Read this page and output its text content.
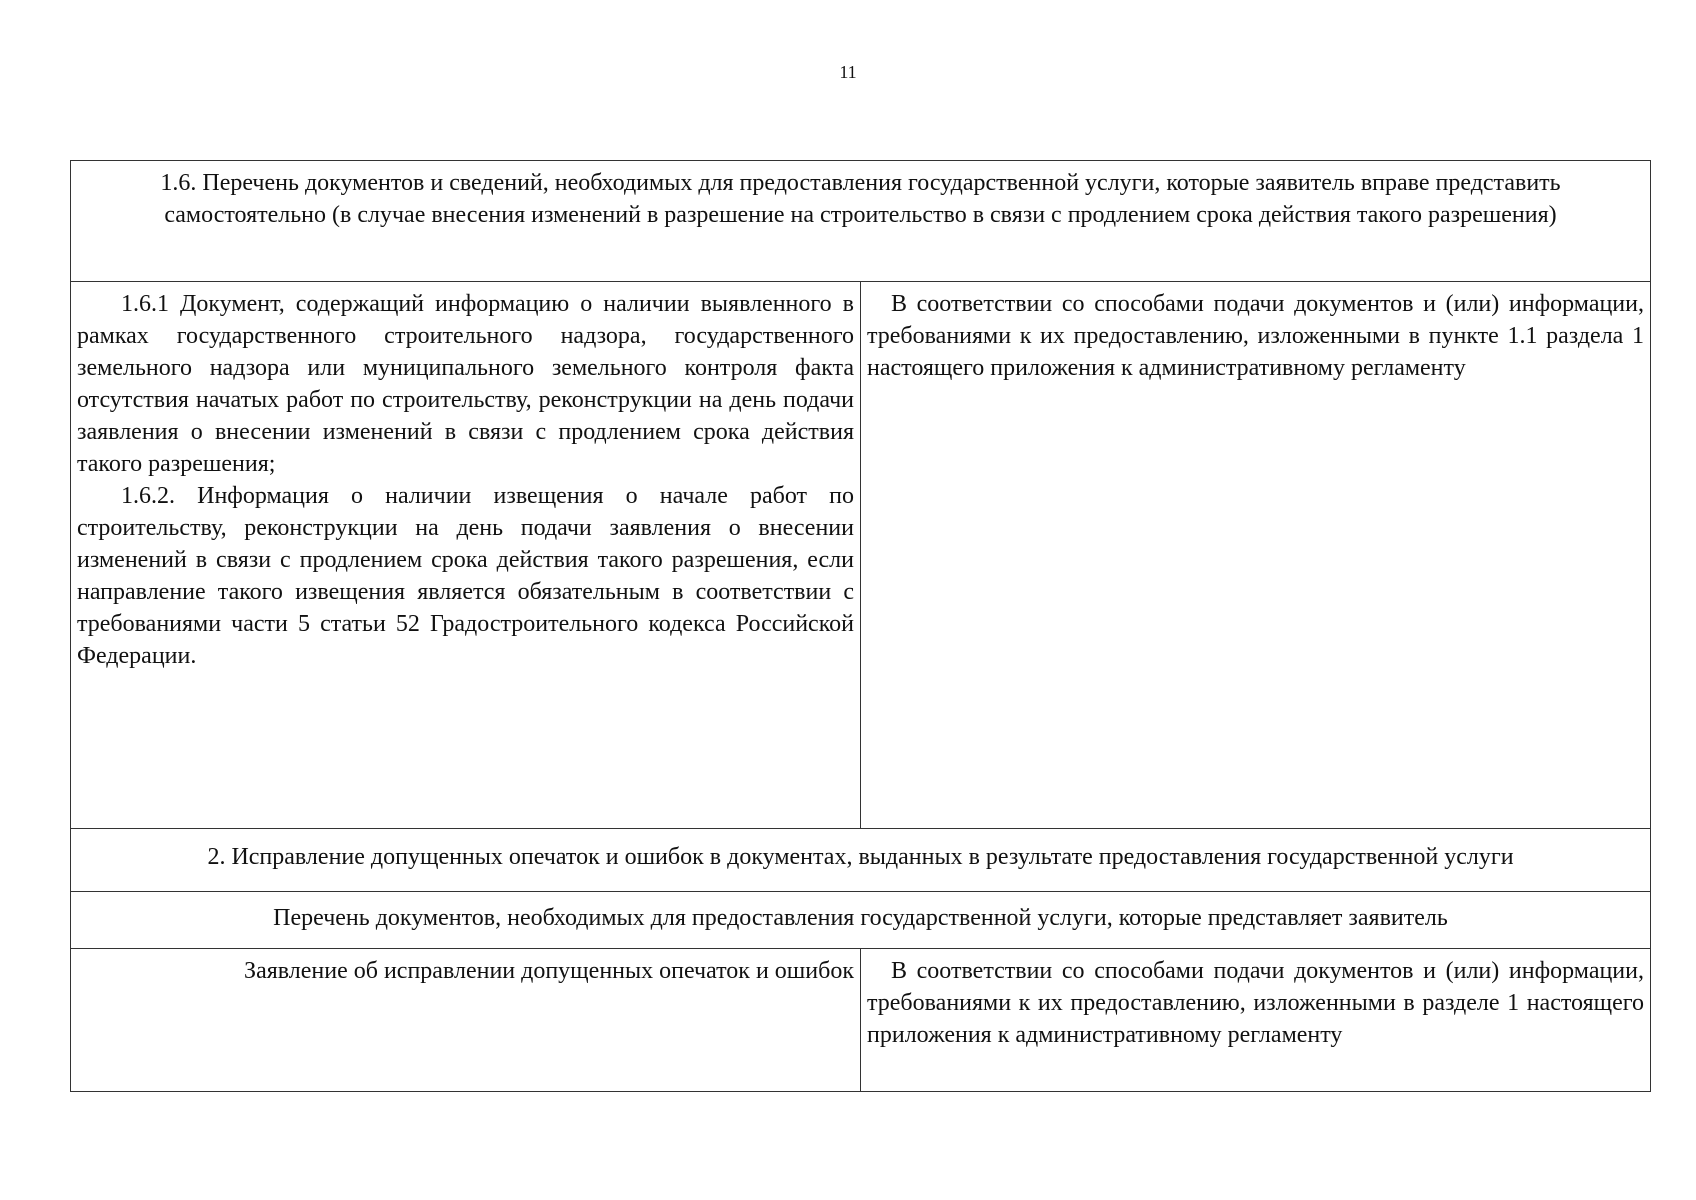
11
1.6. Перечень документов и сведений, необходимых для предоставления государственной услуги, которые заявитель вправе представить самостоятельно (в случае внесения изменений в разрешение на строительство в связи с продлением срока действия такого разрешения)	

1.6.1 Документ, содержащий информацию о наличии выявленного в рамках государственного строительного надзора, государственного земельного надзора или муниципального земельного контроля факта отсутствия начатых работ по строительству, реконструкции на день подачи заявления о внесении изменений в связи с продлением срока действия такого разрешения;

1.6.2. Информация о наличии извещения о начале работ по строительству, реконструкции на день подачи заявления о внесении изменений в связи с продлением срока действия такого разрешения, если направление такого извещения является обязательным в соответствии с требованиями части 5 статьи 52 Градостроительного кодекса Российской Федерации.	В соответствии со способами подачи документов и (или) информации, требованиями к их предоставлению, изложенными в пункте 1.1 раздела 1 настоящего приложения к административному регламенту

2. Исправление допущенных опечаток и ошибок в документах, выданных в результате предоставления государственной услуги	
Перечень документов, необходимых для предоставления государственной услуги, которые представляет заявитель	
Заявление об исправлении допущенных опечаток и ошибок	В соответствии со способами подачи документов и (или) информации, требованиями к их предоставлению, изложенными в разделе 1 настоящего приложения к административному регламенту
